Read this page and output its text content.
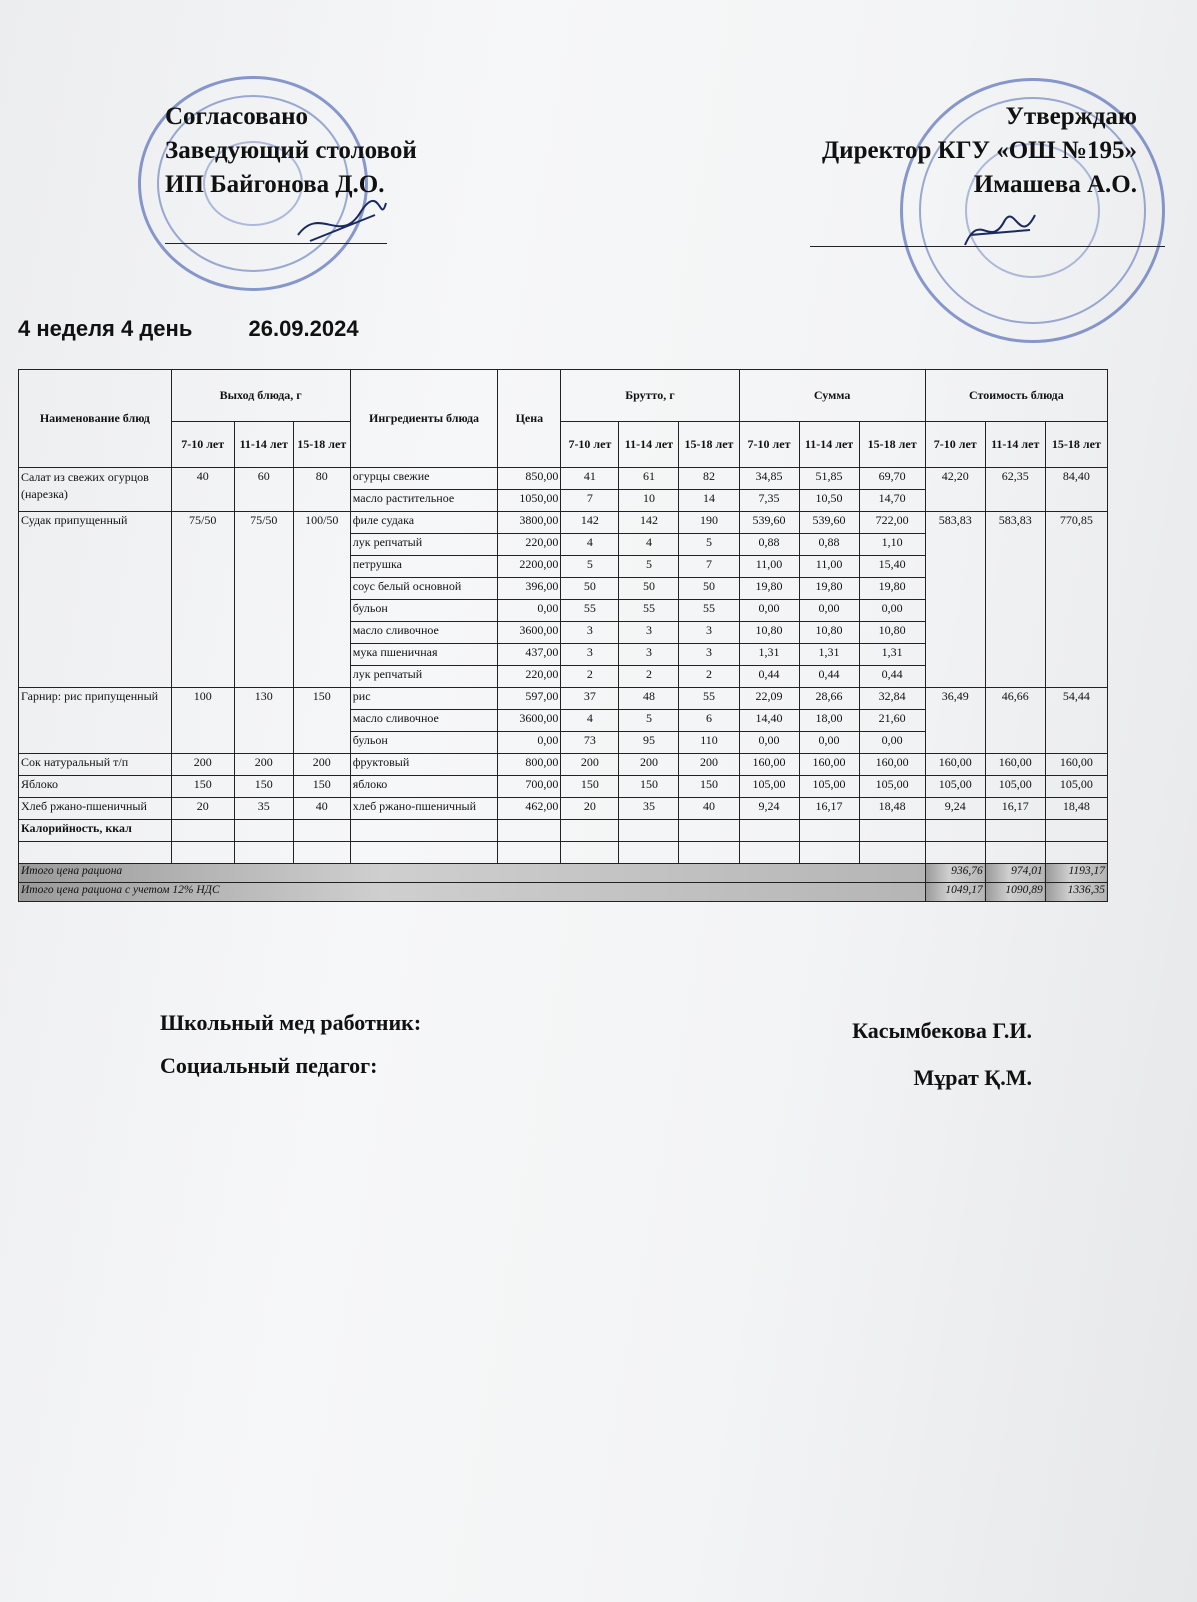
Согласовано
Заведующий столовой
ИП Байгонова Д.О.
Утверждаю
Директор КГУ «ОШ №195»
Имашева А.О.
4 неделя 4 день	26.09.2024
Наименование блюд	Выход блюда, г			Ингредиенты блюда	Цена	Брутто, г			Сумма			Стоимость блюда		
	7-10 лет	11-14 лет	15-18 лет			7-10 лет	11-14 лет	15-18 лет	7-10 лет	11-14 лет	15-18 лет	7-10 лет	11-14 лет	15-18 лет
Салат из свежих огурцов (нарезка)	40	60	80	огурцы свежие	850,00	41	61	82	34,85	51,85	69,70	42,20	62,35	84,40
				масло растительное	1050,00	7	10	14	7,35	10,50	14,70			
Судак припущенный	75/50	75/50	100/50	филе судака	3800,00	142	142	190	539,60	539,60	722,00	583,83	583,83	770,85
				лук репчатый	220,00	4	4	5	0,88	0,88	1,10			
				петрушка	2200,00	5	5	7	11,00	11,00	15,40			
				соус белый основной	396,00	50	50	50	19,80	19,80	19,80			
				бульон	0,00	55	55	55	0,00	0,00	0,00			
				масло сливочное	3600,00	3	3	3	10,80	10,80	10,80			
				мука пшеничная	437,00	3	3	3	1,31	1,31	1,31			
				лук репчатый	220,00	2	2	2	0,44	0,44	0,44			
Гарнир: рис припущенный	100	130	150	рис	597,00	37	48	55	22,09	28,66	32,84	36,49	46,66	54,44
				масло сливочное	3600,00	4	5	6	14,40	18,00	21,60			
				бульон	0,00	73	95	110	0,00	0,00	0,00			
Сок натуральный т/п	200	200	200	фруктовый	800,00	200	200	200	160,00	160,00	160,00	160,00	160,00	160,00
Яблоко	150	150	150	яблоко	700,00	150	150	150	105,00	105,00	105,00	105,00	105,00	105,00
Хлеб ржано-пшеничный	20	35	40	хлеб ржано-пшеничный	462,00	20	35	40	9,24	16,17	18,48	9,24	16,17	18,48
Калорийность, ккал														

Итого цена рациона												936,76	974,01	1193,17
Итого цена рациона с учетом 12% НДС												1049,17	1090,89	1336,35
Школьный мед работник:	Касымбекова Г.И.
Социальный педагог:	Мұрат Қ.М.
